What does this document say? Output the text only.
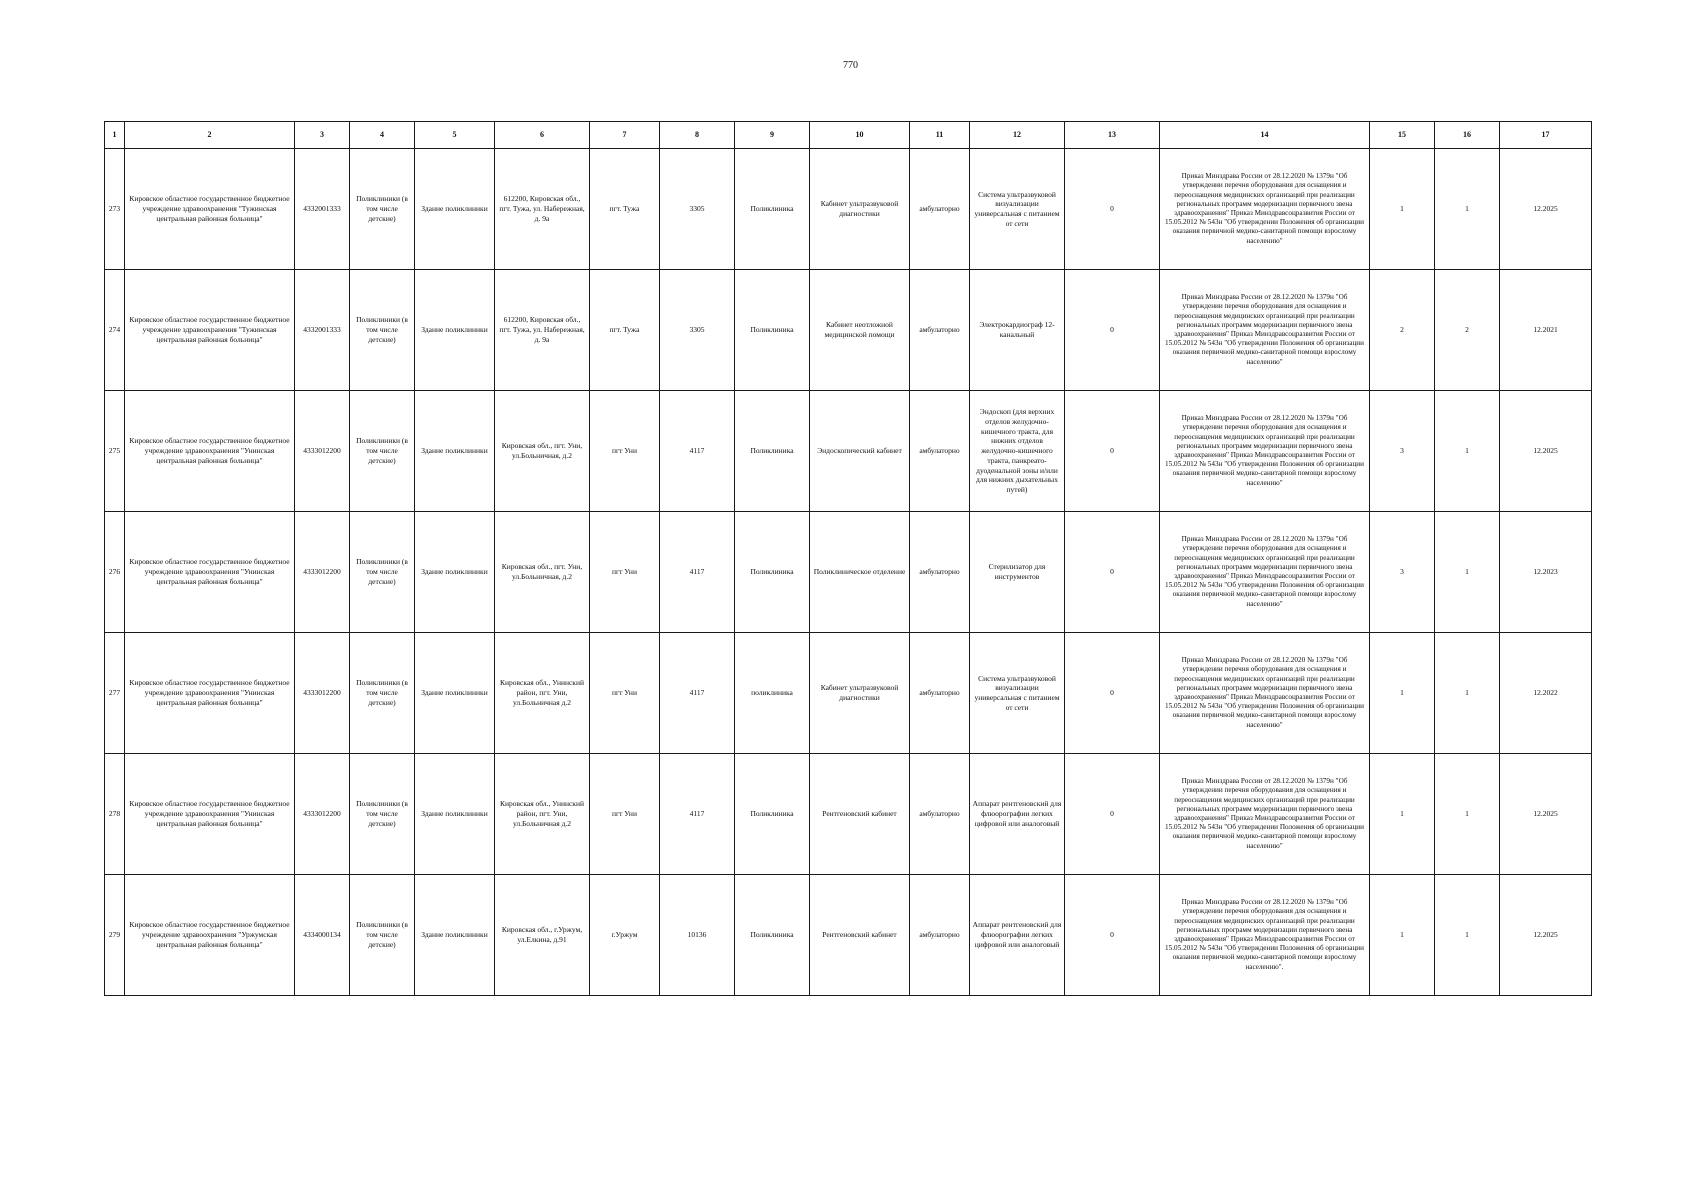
770
1	2	3	4	5	6	7	8	9	10	11	12	13	14	15	16	17
273	Кировское областное государственное бюджетное учреждение здравоохранения "Тужинская центральная районная больница"	4332001333	Поликлиники (в том числе детские)	Здание поликлиники	612200, Кировская обл., пгт. Тужа, ул. Набережная, д. 9а	пгт. Тужа	3305	Поликлиника	Кабинет ультразвуковой диагностики	амбулаторно	Система ультразвуковой визуализации универсальная с питанием от сети	0	Приказ Минздрава России от 28.12.2020 № 1379н "Об утверждении перечня оборудования для оснащения и переоснащения медицинских организаций при реализации региональных программ модернизации первичного звена здравоохранения" Приказ Минздравсоцразвития России от 15.05.2012 № 543н "Об утверждении Положения об организации оказания первичной медико-санитарной помощи взрослому населению"	1	1	12.2025
274	Кировское областное государственное бюджетное учреждение здравоохранения "Тужинская центральная районная больница"	4332001333	Поликлиники (в том числе детские)	Здание поликлиники	612200, Кировская обл., пгт. Тужа, ул. Набережная, д. 9а	пгт. Тужа	3305	Поликлиника	Кабинет неотложной медицинской помощи	амбулаторно	Электрокардиограф 12-канальный	0	Приказ Минздрава России от 28.12.2020 № 1379н "Об утверждении перечня оборудования для оснащения и переоснащения медицинских организаций при реализации региональных программ модернизации первичного звена здравоохранения" Приказ Минздравсоцразвития России от 15.05.2012 № 543н "Об утверждении Положения об организации оказания первичной медико-санитарной помощи взрослому населению"	2	2	12.2021
275	Кировское областное государственное бюджетное учреждение здравоохранения "Унинская центральная районная больница"	4333012200	Поликлиники (в том числе детские)	Здание поликлиники	Кировская обл., пгт. Уни, ул.Больничная, д.2	пгт Уни	4117	Поликлиника	Эндоскопический кабинет	амбулаторно	Эндоскоп (для верхних отделов желудочно-кишечного тракта, для нижних отделов желудочно-кишечного тракта, панкреато-дуоденальной зоны и/или для нижних дыхательных путей)	0	Приказ Минздрава России от 28.12.2020 № 1379н "Об утверждении перечня оборудования для оснащения и переоснащения медицинских организаций при реализации региональных программ модернизации первичного звена здравоохранения" Приказ Минздравсоцразвития России от 15.05.2012 № 543н "Об утверждении Положения об организации оказания первичной медико-санитарной помощи взрослому населению"	3	1	12.2025
276	Кировское областное государственное бюджетное учреждение здравоохранения "Унинская центральная районная больница"	4333012200	Поликлиники (в том числе детские)	Здание поликлиники	Кировская обл., пгт. Уни, ул.Больничная, д.2	пгт Уни	4117	Поликлиника	Поликлиническое отделение	амбулаторно	Стерилизатор для инструментов	0	Приказ Минздрава России от 28.12.2020 № 1379н "Об утверждении перечня оборудования для оснащения и переоснащения медицинских организаций при реализации региональных программ модернизации первичного звена здравоохранения" Приказ Минздравсоцразвития России от 15.05.2012 № 543н "Об утверждении Положения об организации оказания первичной медико-санитарной помощи взрослому населению"	3	1	12.2023
277	Кировское областное государственное бюджетное учреждение здравоохранения "Унинская центральная районная больница"	4333012200	Поликлиники (в том числе детские)	Здание поликлиники	Кировская обл., Унинский район, пгт. Уни, ул.Больничная д.2	пгт Уни	4117	поликлиника	Кабинет ультразвуковой диагностики	амбулаторно	Система ультразвуковой визуализации универсальная с питанием от сети	0	Приказ Минздрава России от 28.12.2020 № 1379н "Об утверждении перечня оборудования для оснащения и переоснащения медицинских организаций при реализации региональных программ модернизации первичного звена здравоохранения" Приказ Минздравсоцразвития России от 15.05.2012 № 543н "Об утверждении Положения об организации оказания первичной медико-санитарной помощи взрослому населению"	1	1	12.2022
278	Кировское областное государственное бюджетное учреждение здравоохранения "Унинская центральная районная больница"	4333012200	Поликлиники (в том числе детские)	Здание поликлиники	Кировская обл., Унинский район, пгт. Уни, ул.Больничная д.2	пгт Уни	4117	Поликлиника	Рентгеновский кабинет	амбулаторно	Аппарат рентгеновский для флюорографии легких цифровой или аналоговый	0	Приказ Минздрава России от 28.12.2020 № 1379н "Об утверждении перечня оборудования для оснащения и переоснащения медицинских организаций при реализации региональных программ модернизации первичного звена здравоохранения" Приказ Минздравсоцразвития России от 15.05.2012 № 543н "Об утверждении Положения об организации оказания первичной медико-санитарной помощи взрослому населению"	1	1	12.2025
279	Кировское областное государственное бюджетное учреждение здравоохранения "Уржумская центральная районная больница"	4334000134	Поликлиники (в том числе детские)	Здание поликлиники	Кировская обл., г.Уржум, ул.Елкина, д.91	г.Уржум	10136	Поликлиника	Рентгеновский кабинет	амбулаторно	Аппарат рентгеновский для флюорографии легких цифровой или аналоговый	0	Приказ Минздрава России от 28.12.2020 № 1379н "Об утверждении перечня оборудования для оснащения и переоснащения медицинских организаций при реализации региональных программ модернизации первичного звена здравоохранения" Приказ Минздравсоцразвития России от 15.05.2012 № 543н "Об утверждении Положения об организации оказания первичной медико-санитарной помощи взрослому населению".	1	1	12.2025
